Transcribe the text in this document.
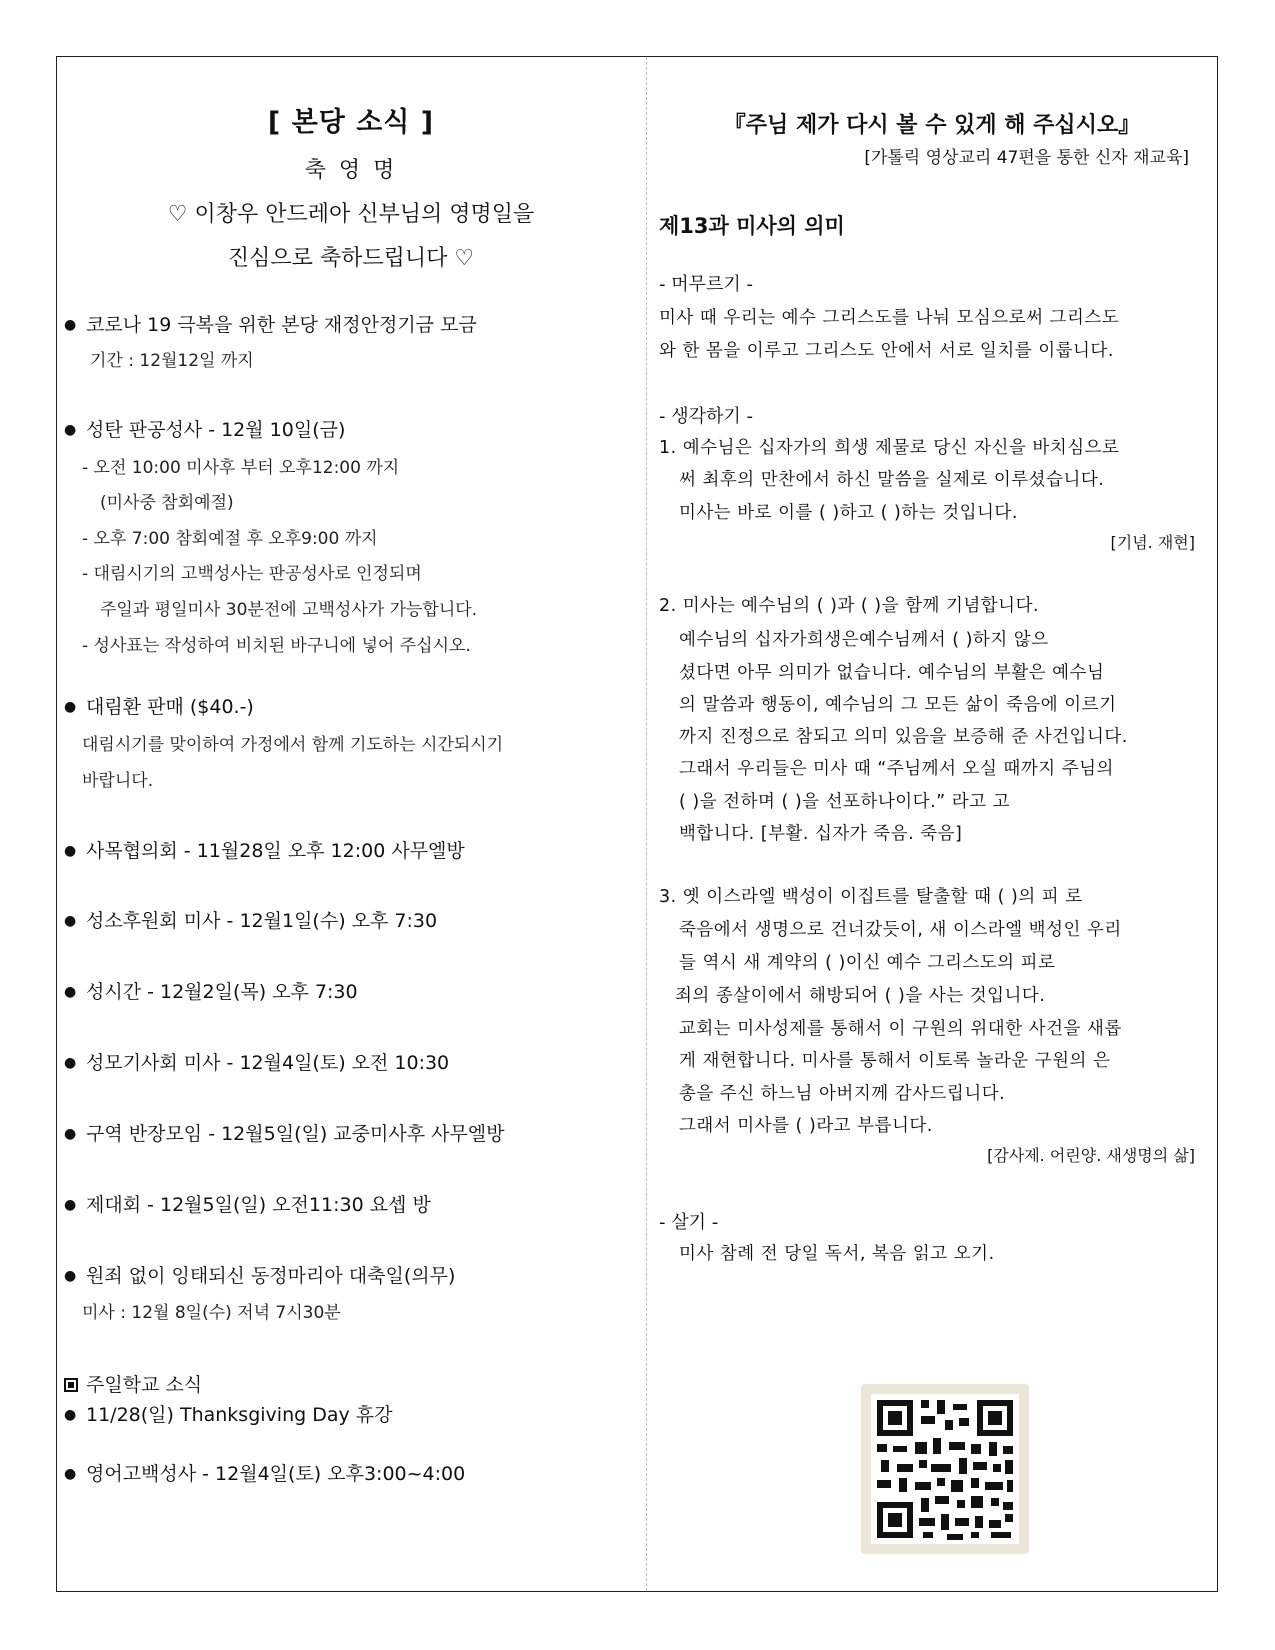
[ 본당 소식 ]
축 영 명
♡ 이창우 안드레아 신부님의 영명일을
진심으로 축하드립니다 ♡
● 코로나 19 극복을 위한 본당 재정안정기금 모금
기간 : 12월12일 까지
● 성탄 판공성사 - 12월 10일(금)
- 오전 10:00 미사후 부터 오후12:00 까지
(미사중 참회예절)
- 오후 7:00 참회예절 후 오후9:00 까지
- 대림시기의 고백성사는 판공성사로 인정되며
주일과 평일미사 30분전에 고백성사가 가능합니다.
- 성사표는 작성하여 비치된 바구니에 넣어 주십시오.
● 대림환 판매 ($40.-)
대림시기를 맞이하여 가정에서 함께 기도하는 시간되시기
바랍니다.
● 사목협의회 - 11월28일 오후 12:00 사무엘방
● 성소후원회 미사 - 12월1일(수) 오후 7:30
● 성시간 - 12월2일(목) 오후 7:30
● 성모기사회 미사 - 12월4일(토) 오전 10:30
● 구역 반장모임 - 12월5일(일) 교중미사후 사무엘방
● 제대회 - 12월5일(일) 오전11:30 요셉 방
● 원죄 없이 잉태되신 동정마리아 대축일(의무)
미사 : 12월 8일(수) 저녁 7시30분
주일학교 소식
● 11/28(일) Thanksgiving Day 휴강
● 영어고백성사 - 12월4일(토) 오후3:00~4:00
『주님 제가 다시 볼 수 있게 해 주십시오』
[가톨릭 영상교리 47편을 통한 신자 재교육]
제13과 미사의 의미
- 머무르기 -
미사 때 우리는 예수 그리스도를 나눠 모심으로써 그리스도
와 한 몸을 이루고 그리스도 안에서 서로 일치를 이룹니다.
- 생각하기 -
1. 예수님은 십자가의 희생 제물로 당신 자신을 바치심으로
써 최후의 만찬에서 하신 말씀을 실제로 이루셨습니다.
미사는 바로 이를 ( )하고 ( )하는 것입니다.
[기념. 재현]
2. 미사는 예수님의 ( )과 ( )을 함께 기념합니다.
예수님의 십자가희생은예수님께서 ( )하지 않으
셨다면 아무 의미가 없습니다. 예수님의 부활은 예수님
의 말씀과 행동이, 예수님의 그 모든 삶이 죽음에 이르기
까지 진정으로 참되고 의미 있음을 보증해 준 사건입니다.
그래서 우리들은 미사 때 “주님께서 오실 때까지 주님의
( )을 전하며 ( )을 선포하나이다.” 라고 고
백합니다. [부활. 십자가 죽음. 죽음]
3. 옛 이스라엘 백성이 이집트를 탈출할 때 ( )의 피 로
죽음에서 생명으로 건너갔듯이, 새 이스라엘 백성인 우리
들 역시 새 계약의 ( )이신 예수 그리스도의 피로
죄의 종살이에서 해방되어 ( )을 사는 것입니다.
교회는 미사성제를 통해서 이 구원의 위대한 사건을 새롭
게 재현합니다. 미사를 통해서 이토록 놀라운 구원의 은
총을 주신 하느님 아버지께 감사드립니다.
그래서 미사를 ( )라고 부릅니다.
[감사제. 어린양. 새생명의 삶]
- 살기 -
미사 참례 전 당일 독서, 복음 읽고 오기.
